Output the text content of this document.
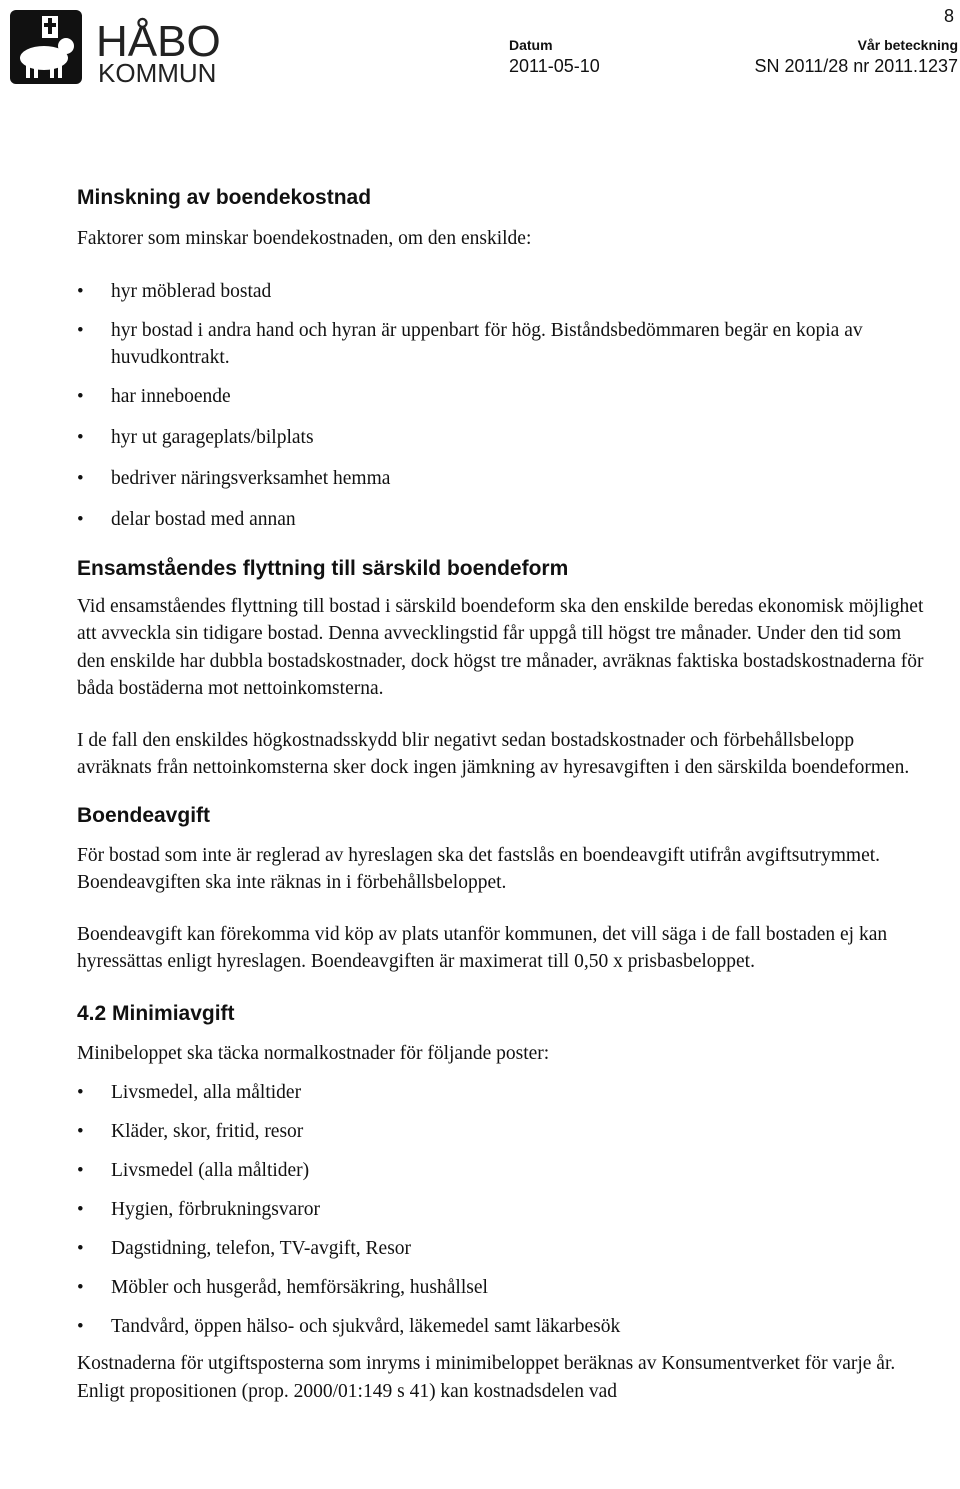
HÅBO
KOMMUN
Datum
2011-05-10
Vår beteckning
SN 2011/28 nr 2011.1237
8
Minskning av boendekostnad

Faktorer som minskar boendekostnaden, om den enskilde:

• hyr möblerad bostad
• hyr bostad i andra hand och hyran är uppenbart för hög. Biståndsbedömmaren begär en kopia av huvudkontrakt.
• har inneboende
• hyr ut garageplats/bilplats
• bedriver näringsverksamhet hemma
• delar bostad med annan
Ensamståendes flyttning till särskild boendeform

Vid ensamståendes flyttning till bostad i särskild boendeform ska den enskilde beredas ekonomisk möjlighet att avveckla sin tidigare bostad. Denna avvecklingstid får uppgå till högst tre månader. Under den tid som den enskilde har dubbla bostadskostnader, dock högst tre månader, avräknas faktiska bostadskostnaderna för båda bostäderna mot nettoinkomsterna.

I de fall den enskildes högkostnadsskydd blir negativt sedan bostadskostnader och förbehållsbelopp avräknats från nettoinkomsterna sker dock ingen jämkning av hyresavgiften i den särskilda boendeformen.

Boendeavgift

För bostad som inte är reglerad av hyreslagen ska det fastslås en boendeavgift utifrån avgiftsutrymmet. Boendeavgiften ska inte räknas in i förbehållsbeloppet.

Boendeavgift kan förekomma vid köp av plats utanför kommunen, det vill säga i de fall bostaden ej kan hyressättas enligt hyreslagen. Boendeavgiften är maximerat till 0,50 x prisbasbeloppet.

4.2 Minimiavgift

Minibeloppet ska täcka normalkostnader för följande poster:

• Livsmedel, alla måltider
• Kläder, skor, fritid, resor
• Livsmedel (alla måltider)
• Hygien, förbrukningsvaror
• Dagstidning, telefon, TV-avgift, Resor
• Möbler och husgeråd, hemförsäkring, hushållsel
• Tandvård, öppen hälso- och sjukvård, läkemedel samt läkarbesök

Kostnaderna för utgiftsposterna som inryms i minimibeloppet beräknas av Konsumentverket för varje år. Enligt propositionen (prop. 2000/01:149 s 41) kan kostnadsdelen vad
